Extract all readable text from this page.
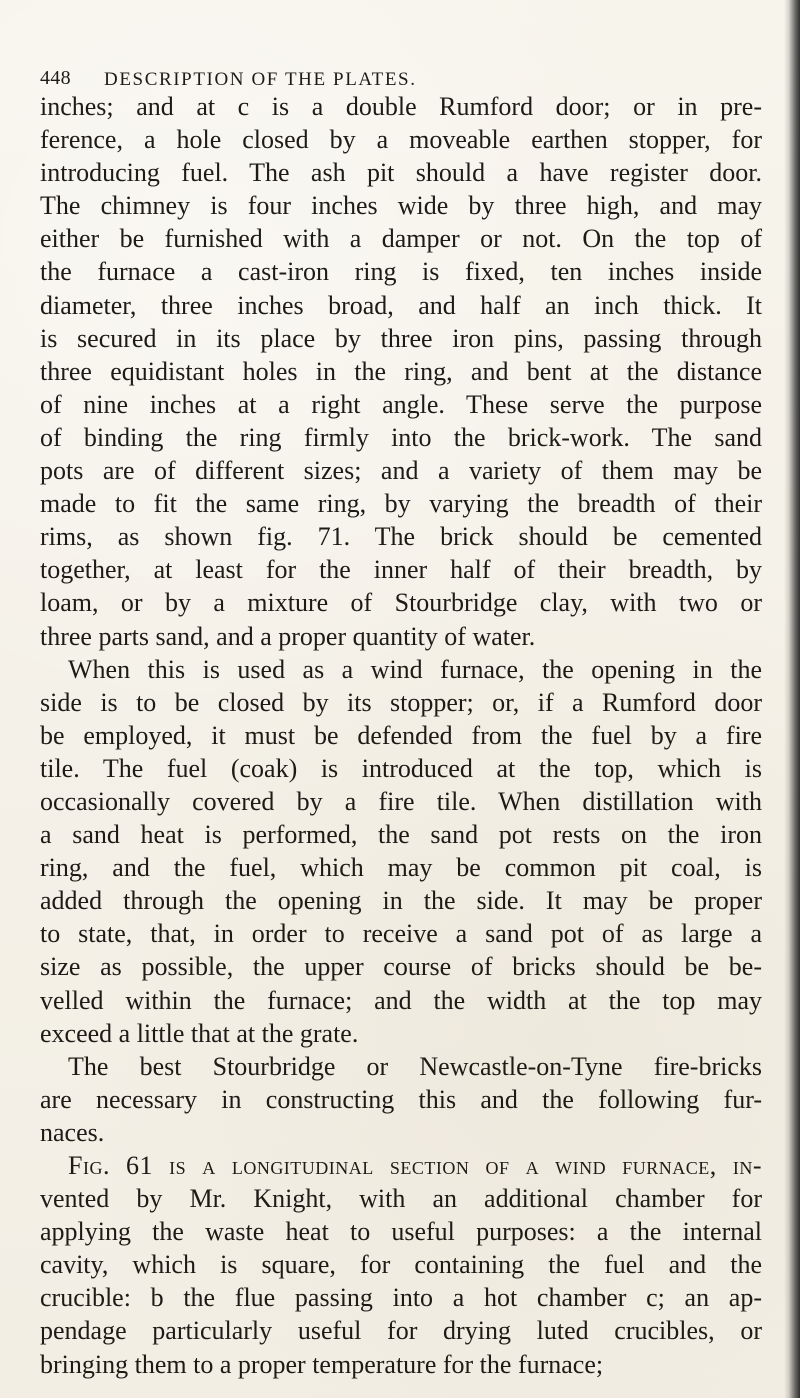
448 DESCRIPTION OF THE PLATES.
inches; and at c is a double Rumford door; or in pre-
ference, a hole closed by a moveable earthen stopper, for
introducing fuel. The ash pit should a have register door.
The chimney is four inches wide by three high, and may
either be furnished with a damper or not. On the top of
the furnace a cast-iron ring is fixed, ten inches inside
diameter, three inches broad, and half an inch thick. It
is secured in its place by three iron pins, passing through
three equidistant holes in the ring, and bent at the distance
of nine inches at a right angle. These serve the purpose
of binding the ring firmly into the brick-work. The sand
pots are of different sizes; and a variety of them may be
made to fit the same ring, by varying the breadth of their
rims, as shown fig. 71. The brick should be cemented
together, at least for the inner half of their breadth, by
loam, or by a mixture of Stourbridge clay, with two or
three parts sand, and a proper quantity of water.
When this is used as a wind furnace, the opening in the
side is to be closed by its stopper; or, if a Rumford door
be employed, it must be defended from the fuel by a fire
tile. The fuel (coak) is introduced at the top, which is
occasionally covered by a fire tile. When distillation with
a sand heat is performed, the sand pot rests on the iron
ring, and the fuel, which may be common pit coal, is
added through the opening in the side. It may be proper
to state, that, in order to receive a sand pot of as large a
size as possible, the upper course of bricks should be be-
velled within the furnace; and the width at the top may
exceed a little that at the grate.
The best Stourbridge or Newcastle-on-Tyne fire-bricks
are necessary in constructing this and the following fur-
naces.
Fig. 61 is a longitudinal section of a wind furnace, in-
vented by Mr. Knight, with an additional chamber for
applying the waste heat to useful purposes: a the internal
cavity, which is square, for containing the fuel and the
crucible: b the flue passing into a hot chamber c; an ap-
pendage particularly useful for drying luted crucibles, or
bringing them to a proper temperature for the furnace;
